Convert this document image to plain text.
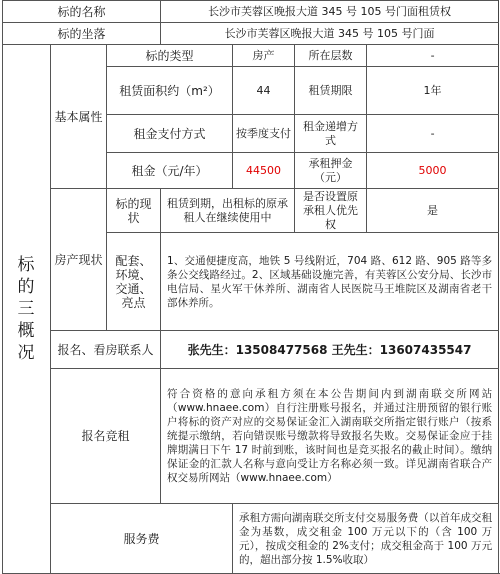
标的名称			长沙市芙蓉区晚报大道 345 号 105 号门面租赁权			
标的坐落			长沙市芙蓉区晚报大道 345 号 105 号门面			
标的三概况	基本属性	标的类型		房产	所在层数	-
		租赁面积约（m²）		44	租赁期限	1年
		租金支付方式		按季度支付	租金递增方式	-
		租金（元/年）		44500	承租押金（元）	5000
	房产现状	标的现状	租赁到期，出租标的原承租人在继续使用中		是否设置原承租人优先权	是
		配套、环境、交通、亮点	1、交通便捷度高，地铁 5 号线附近，704 路、612 路、905 路等多条公交线路经过。2、区域基础设施完善，有芙蓉区公安分局、长沙市电信局、星火军干休养所、湖南省人民医院马王堆院区及湖南省老干部休养所。			
	报名、看房联系人		张先生：13508477568 王先生：13607435547			
	报名竞租		符合资格的意向承租方须在本公告期间内到湖南联交所网站（www.hnaee.com）自行注册账号报名，并通过注册预留的银行账户将标的资产对应的交易保证金汇入湖南联交所指定银行账户（按系统提示缴纳，若向错误账号缴款将导致报名失败。交易保证金应于挂牌期满日下午 17 时前到账，该时间也是竞买报名的截止时间）。缴纳保证金的汇款人名称与意向受让方名称必须一致。详见湖南省联合产权交易所网站（www.hnaee.com）			
	服务费			承租方需向湖南联交所支付交易服务费（以首年成交租金为基数，成交租金 100 万元以下的（含 100 万元），按成交租金的 2%支付；成交租金高于 100 万元的，超出部分按 1.5%收取）		
